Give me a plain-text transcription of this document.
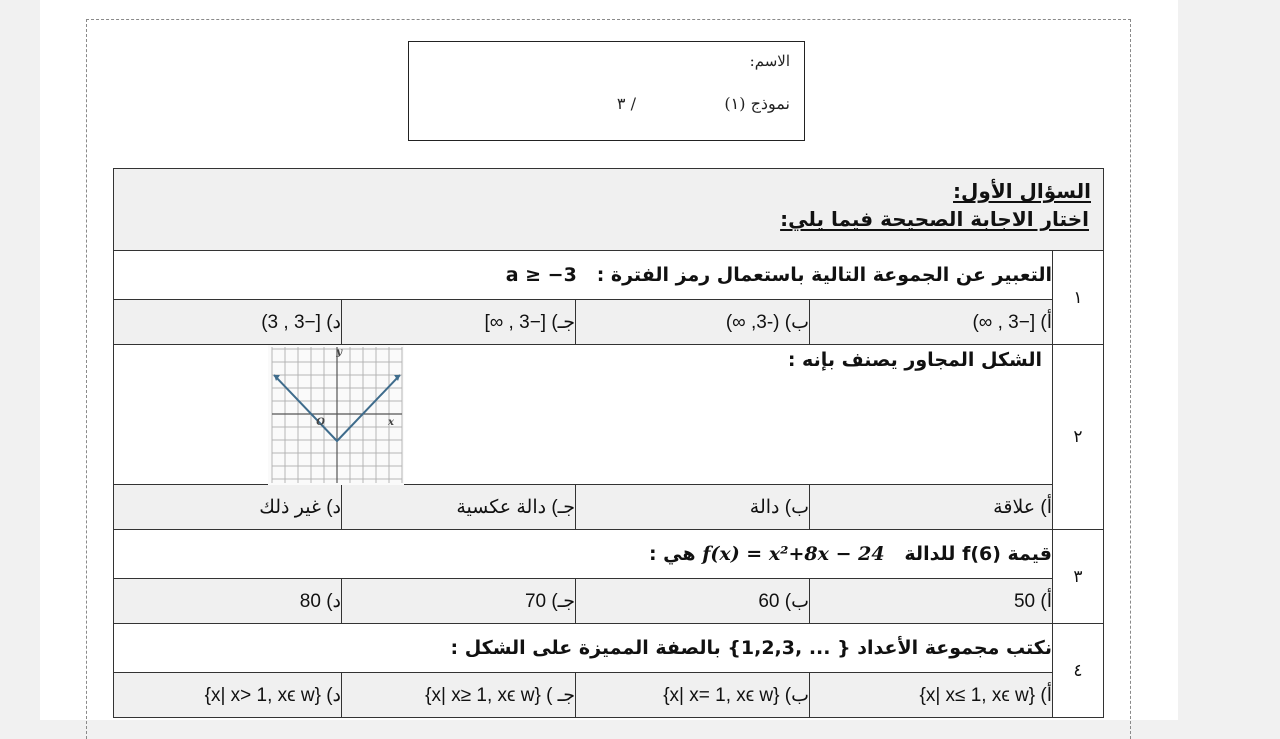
الاسم:
نموذج (١)
/ ٣
السؤال الأول:
اختار الاجابة الصحيحة فيما يلي:				

١	التعبير عن الجموعة التالية باستعمال رمز الفترة :   a ≥ −3			
	أ) [−3 , ∞)	ب) (-3, ∞)	جـ) [−3 , ∞]	د) [−3 , 3)
٢	الشكل المجاور يصنف بإنه :
y
x
O			

	أ) علاقة	ب) دالة	جـ) دالة عكسية	د) غير ذلك
٣	قيمة f(6) للدالة   f(x) = x²+8x − 24 هي :			
	أ) 50	ب) 60	جـ) 70	د) 80
٤	نكتب مجموعة الأعداد { ... ,1,2,3} بالصفة المميزة على الشكل :			
	أ) {x| x≤ 1, xϵ w}	ب) {x| x= 1, xϵ w}	جـ ) {x| x≥ 1, xϵ w}	د) {x| x> 1, xϵ w}
